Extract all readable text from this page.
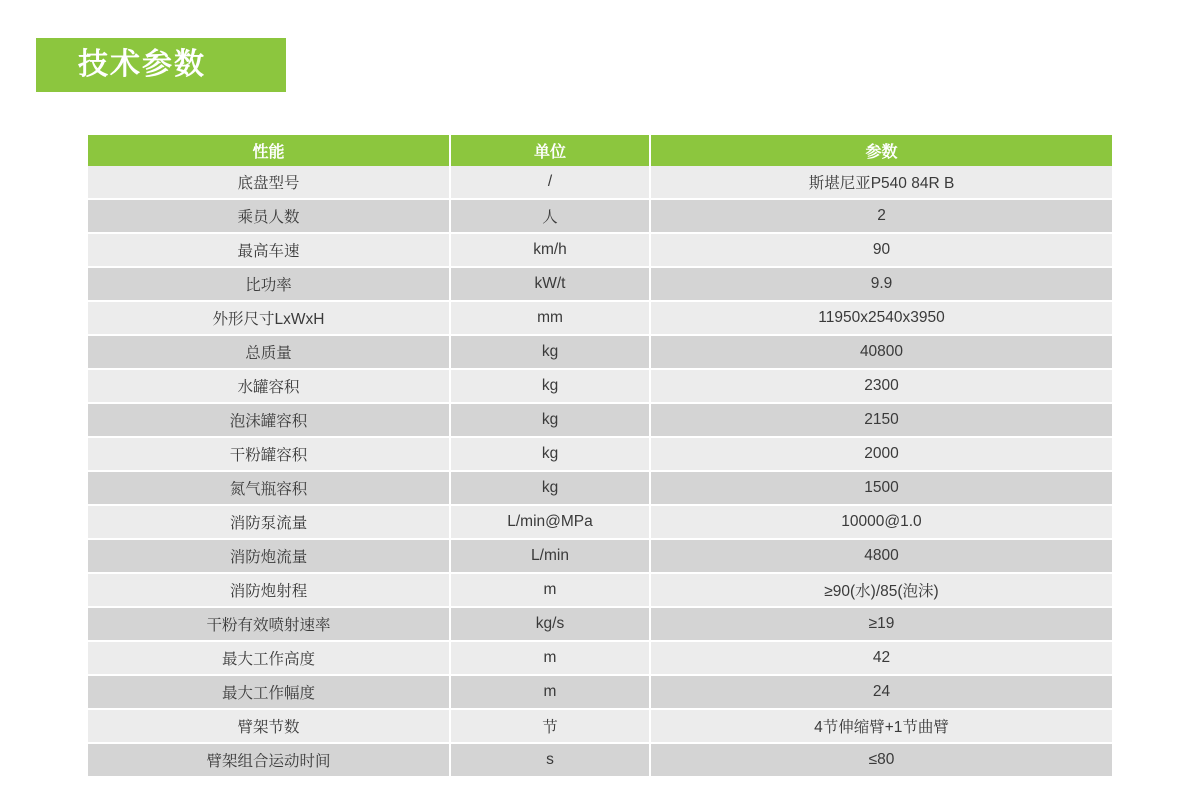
技术参数
性能	单位	参数
底盘型号	/	斯堪尼亚P540 84R B
乘员人数	人	2
最高车速	km/h	90
比功率	kW/t	9.9
外形尺寸LxWxH	mm	11950x2540x3950
总质量	kg	40800
水罐容积	kg	2300
泡沫罐容积	kg	2150
干粉罐容积	kg	2000
氮气瓶容积	kg	1500
消防泵流量	L/min@MPa	10000@1.0
消防炮流量	L/min	4800
消防炮射程	m	≥90(水)/85(泡沫)
干粉有效喷射速率	kg/s	≥19
最大工作高度	m	42
最大工作幅度	m	24
臂架节数	节	4节伸缩臂+1节曲臂
臂架组合运动时间	s	≤80
